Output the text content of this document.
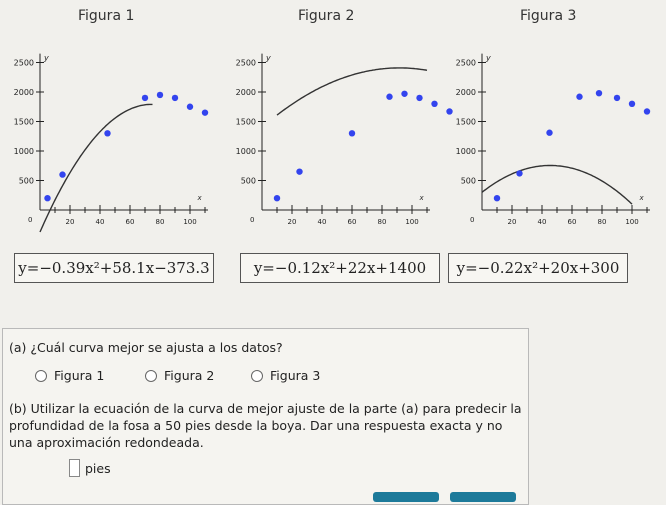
Figura 1	Figura 2	Figura 3
2500
2000
1500
1000
500
20	40	60	80	100
0
x
y
2500
2000
1500
1000
500
20	40	60	80	100
0
x
y
2500
2000
1500
1000
500
20	40	60	80	100
0
x
y
y=−0.39x²+58.1x−373.3	y=−0.12x²+22x+1400	y=−0.22x²+20x+300
(a) ¿Cuál curva mejor se ajusta a los datos?
Figura 1	Figura 2	Figura 3
(b) Utilizar la ecuación de la curva de mejor ajuste de la parte (a) para predecir la profundidad de la fosa a 50 pies desde la boya. Dar una respuesta exacta y no una aproximación redondeada.
pies
